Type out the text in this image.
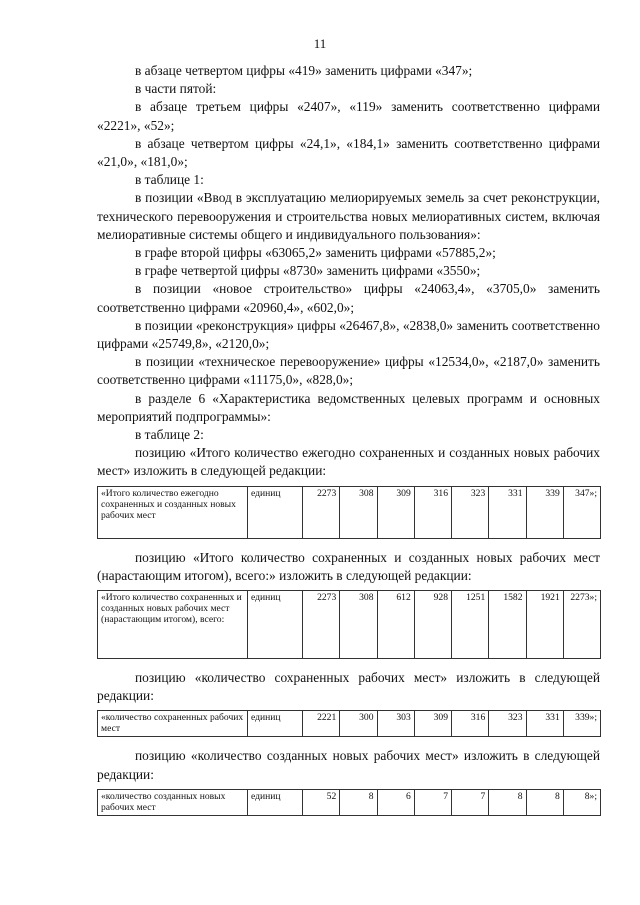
11

в абзаце четвертом цифры «419» заменить цифрами «347»;

в части пятой:

в абзаце третьем цифры «2407», «119» заменить соответственно цифрами «2221», «52»;

в абзаце четвертом цифры «24,1», «184,1» заменить соответственно цифрами «21,0», «181,0»;

в таблице 1:

в позиции «Ввод в эксплуатацию мелиорируемых земель за счет реконструкции, технического перевооружения и строительства новых мелиоративных систем, включая мелиоративные системы общего и индивидуального пользования»:

в графе второй цифры «63065,2» заменить цифрами «57885,2»;

в графе четвертой цифры «8730» заменить цифрами «3550»;

в позиции «новое строительство» цифры «24063,4», «3705,0» заменить соответственно цифрами «20960,4», «602,0»;

в позиции «реконструкция» цифры «26467,8», «2838,0» заменить соответственно цифрами «25749,8», «2120,0»;

в позиции «техническое перевооружение» цифры «12534,0», «2187,0» заменить соответственно цифрами «11175,0», «828,0»;

в разделе 6 «Характеристика ведомственных целевых программ и основных мероприятий подпрограммы»:

в таблице 2:

позицию «Итого количество ежегодно сохраненных и созданных новых рабочих мест» изложить в следующей редакции:

«Итого количество ежегодно сохраненных и созданных новых рабочих мест	единиц	2273	308	309	316	323	331	339	347»;

позицию «Итого количество сохраненных и созданных новых рабочих мест (нарастающим итогом), всего:» изложить в следующей редакции:

«Итого количество сохраненных и созданных новых рабочих мест (нарастающим итогом), всего:	единиц	2273	308	612	928	1251	1582	1921	2273»;

позицию «количество сохраненных рабочих мест» изложить в следующей редакции:

«количество сохраненных рабочих мест	единиц	2221	300	303	309	316	323	331	339»;

позицию «количество созданных новых рабочих мест» изложить в следующей редакции:

«количество созданных новых рабочих мест	единиц	52	8	6	7	7	8	8	8»;
